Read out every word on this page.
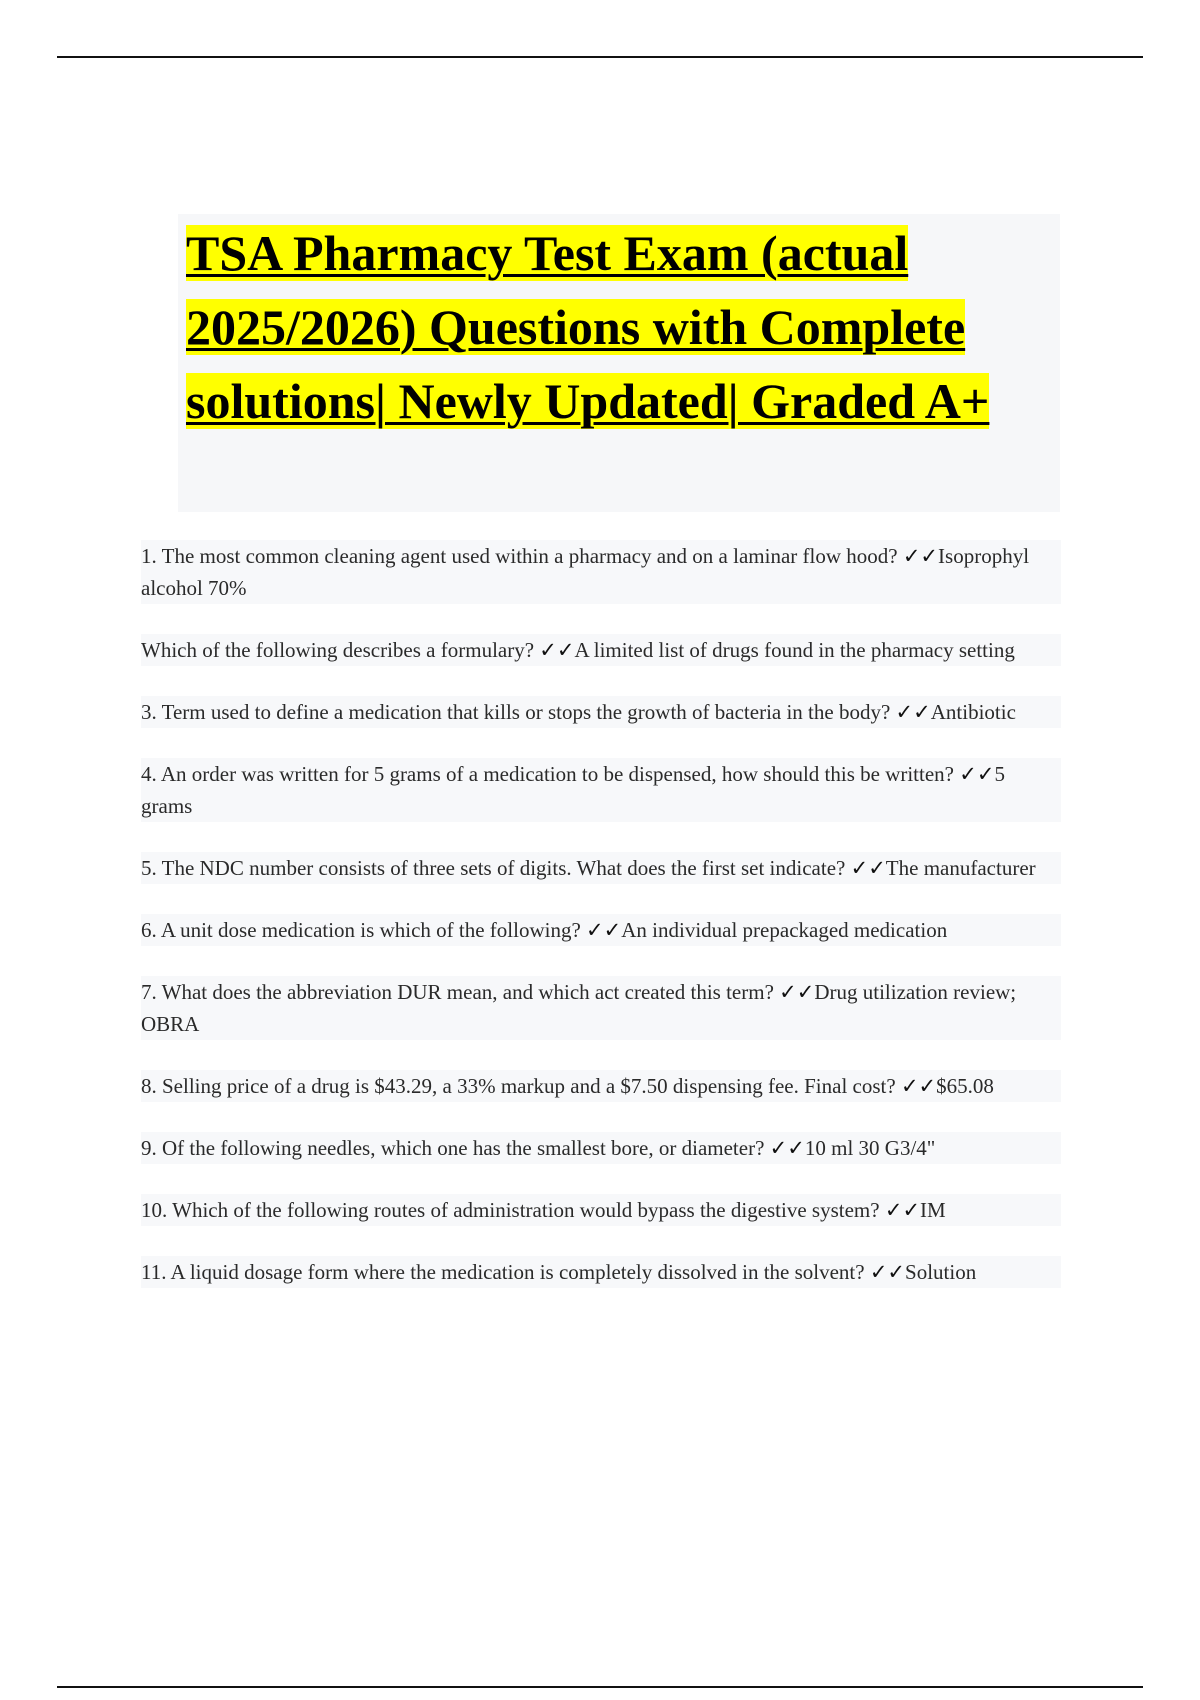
TSA Pharmacy Test Exam (actual 2025/2026) Questions with Complete solutions| Newly Updated| Graded A+

1. The most common cleaning agent used within a pharmacy and on a laminar flow hood? ✓✓Isoprophyl alcohol 70%

Which of the following describes a formulary? ✓✓A limited list of drugs found in the pharmacy setting

3. Term used to define a medication that kills or stops the growth of bacteria in the body? ✓✓Antibiotic

4. An order was written for 5 grams of a medication to be dispensed, how should this be written? ✓✓5 grams

5. The NDC number consists of three sets of digits. What does the first set indicate? ✓✓The manufacturer

6. A unit dose medication is which of the following? ✓✓An individual prepackaged medication

7. What does the abbreviation DUR mean, and which act created this term? ✓✓Drug utilization review; OBRA

8. Selling price of a drug is $43.29, a 33% markup and a $7.50 dispensing fee. Final cost? ✓✓$65.08

9. Of the following needles, which one has the smallest bore, or diameter? ✓✓10 ml 30 G3/4"

10. Which of the following routes of administration would bypass the digestive system? ✓✓IM

11. A liquid dosage form where the medication is completely dissolved in the solvent? ✓✓Solution
